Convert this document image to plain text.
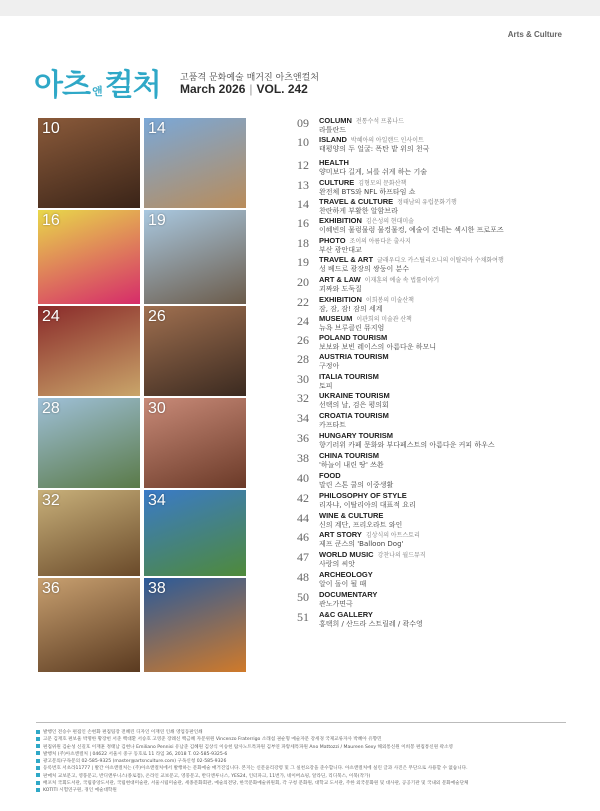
Arts & Culture
아츠 앤컬처 고품격 문화예술 매거진 아츠앤컬처
March 2026 | VOL. 242
10	14
16	19
24	26
28	30
32	34
36	38
09 COLUMN 전통수석 프롬나드
라틀란드
10 ISLAND 박혜아의 아일랜드 인사이트
태평양의 두 얼굴: 폭탄 밭 위의 천국
12 HEALTH
양미보다 길게, 뇌를 쉬게 하는 기술
13 CULTURE 김형모의 문화산책
완전체 BTS와 NFL 하프타임 쇼
14 TRAVEL & CULTURE 정태남의 유럽문화기행
찬란하게 부활한 알함브라
16 EXHIBITION 김은성의 현대미술
이혜빈의 물렁물렁 물컹물컹, 예술이 건네는 섹시한 프로포즈
18 PHOTO 조이의 아름다운 출사지
부산 광안대교
19 TRAVEL & ART 글래우디오 카스틸리오니의 이탈리아 수채화여행
성 베드로 광장의 쌍둥이 분수
20 ART & LAW 이재훈의 예술 속 법률이야기
괴짜와 도둑질
22 EXHIBITION 이희봉의 미술산책
잠, 잠, 잠! 잠의 세계
24 MUSEUM 이관희의 미술관 산책
뉴욕 브루클린 뮤지엄
26 POLAND TOURISM
보보와 보빈 레이스의 아름다운 하모니
28 AUSTRIA TOURISM
구정아
30 ITALIA TOURISM
토피
32 UKRAINE TOURISM
선택의 날, 검은 평의회
34 CROATIA TOURISM
카프타트
36 HUNGARY TOURISM
향기러위 카페 문화와 부다페스트의 아름다운 커피 하우스
38 CHINA TOURISM
'하늘이 내린 땅' 쓰촨
40 FOOD
말린 스톤 쿨의 이중생활
42 PHILOSOPHY OF STYLE
리자냐, 이탈리아의 대표적 요리
44 WINE & CULTURE
신의 계단, 프리오라트 와인
46 ART STORY 김상식의 아트스토리
제프 쿤스의 'Balloon Dog'
47 WORLD MUSIC 강찬나의 월드뮤직
사랑의 씨앗
48 ARCHEOLOGY
알이 돌이 될 때
50 DOCUMENTARY
관노가면극
51 A&C GALLERY
홍택희 / 산드라 스트릴레 / 곽수영
발행인 전승수 편집인 손현화 편집팀장 전혜린 디자인 이재연 인쇄 영업동판인쇄
고문 김재호 편보울 박명한 황장헌 서준 백대환 서승호 고영준 장례신 백금혜 자문위원 Vincenzo Fraterrigo 소래섭 권순형 예술자문 강세경 국제교류자사 박혜아 유향민
편집위원 김순성 신길호 이재훈 정태남 김현나 Emiliano Pennisi 유남준 김혜원 김상식 이승헌 탐사노트특파원 김부연 파랗세특파원 Ano Mattozzi / Maureen Sexy 해외통신원 이희봉 편집통신원 곽소영
발행처 (주)아츠앤컬처 | 04622 서울시 중구 동호로 11 라임 36, 2018 T. 02-585-9325-6
광고문의/구독문의 02-585-9325 (master@artsnculture.com) 구독신청 02-585-9326
등록번호 서초라11777 | 발간 아츠앤컬처는 (주)아츠앤컬처에서 발행하는 문화예술 매거진입니다. 본지는 신문윤리강령 및 그 실천요강을 준수합니다. 아츠앤컬처에 실린 글과 사진은 무단으로 사용할 수 없습니다.
판매처 교보문고, 영풍문고, 반디앤루니스(종로점), 온라인 교보문고, 영풍문고, 반디앤루니스, YES24, 인터파크, 11번가, 네이버쇼핑, 알라딘, 리디북스, 이북(작가)
배포처 국회도서관, 국립중앙도서관, 국립현대미술관, 서울시립미술관, 세종문화회관, 예술의전당, 한국문화예술위원회, 각 구청 문화원, 대학교 도서관, 주한 외국문화원 및 대사관, 공공기관 및 국내외 문화예술단체
KOTITI 시험연구원, 경인 예술대학원
